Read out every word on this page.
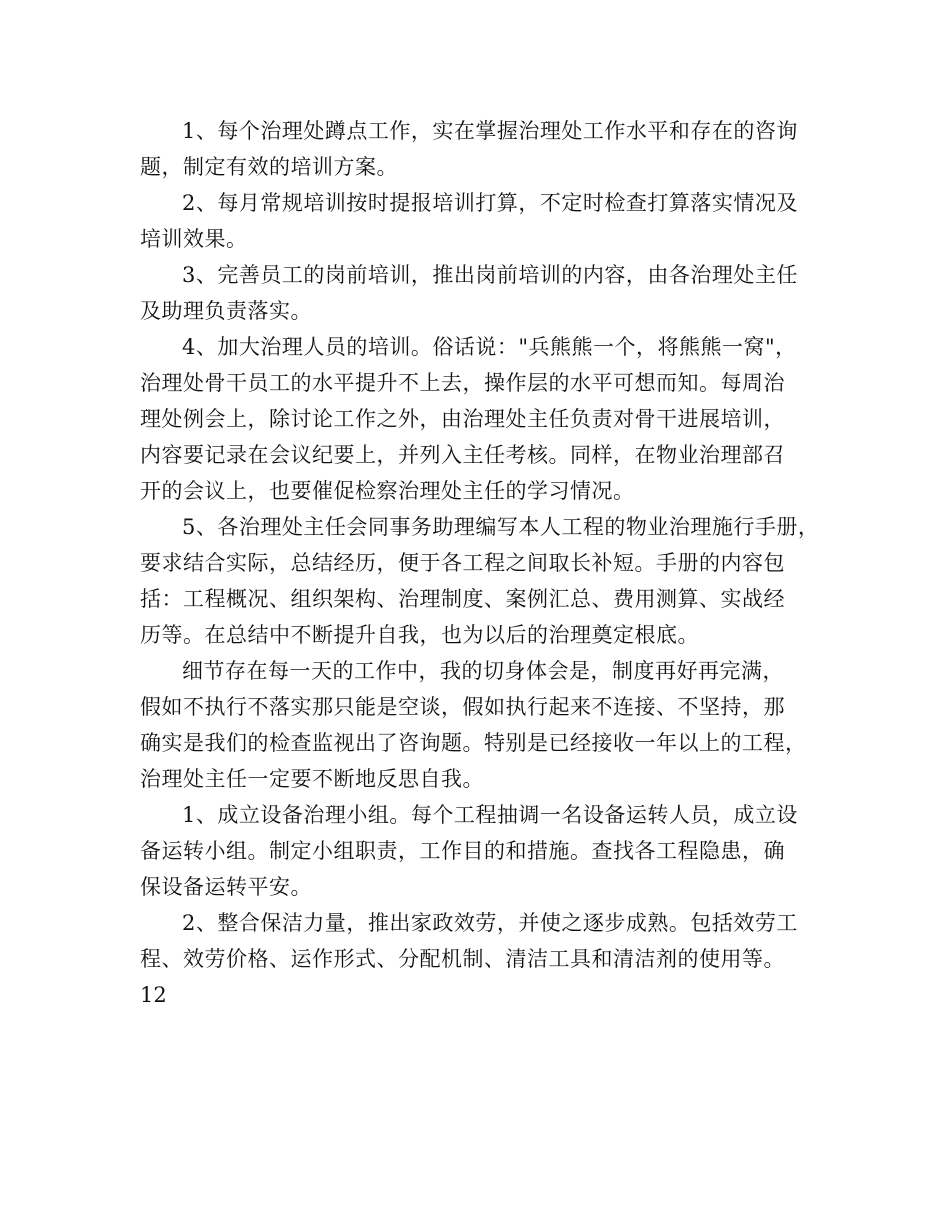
1、每个治理处蹲点工作，实在掌握治理处工作水平和存在的咨询
题，制定有效的培训方案。
2、每月常规培训按时提报培训打算，不定时检查打算落实情况及
培训效果。
3、完善员工的岗前培训，推出岗前培训的内容，由各治理处主任
及助理负责落实。
4、加大治理人员的培训。俗话说："兵熊熊一个，将熊熊一窝"，
治理处骨干员工的水平提升不上去，操作层的水平可想而知。每周治
理处例会上，除讨论工作之外，由治理处主任负责对骨干进展培训，
内容要记录在会议纪要上，并列入主任考核。同样，在物业治理部召
开的会议上，也要催促检察治理处主任的学习情况。
5、各治理处主任会同事务助理编写本人工程的物业治理施行手册，
要求结合实际，总结经历，便于各工程之间取长补短。手册的内容包
括：工程概况、组织架构、治理制度、案例汇总、费用测算、实战经
历等。在总结中不断提升自我，也为以后的治理奠定根底。
细节存在每一天的工作中，我的切身体会是，制度再好再完满，
假如不执行不落实那只能是空谈，假如执行起来不连接、不坚持，那
确实是我们的检查监视出了咨询题。特别是已经接收一年以上的工程，
治理处主任一定要不断地反思自我。
1、成立设备治理小组。每个工程抽调一名设备运转人员，成立设
备运转小组。制定小组职责，工作目的和措施。查找各工程隐患，确
保设备运转平安。
2、整合保洁力量，推出家政效劳，并使之逐步成熟。包括效劳工
程、效劳价格、运作形式、分配机制、清洁工具和清洁剂的使用等。
12
